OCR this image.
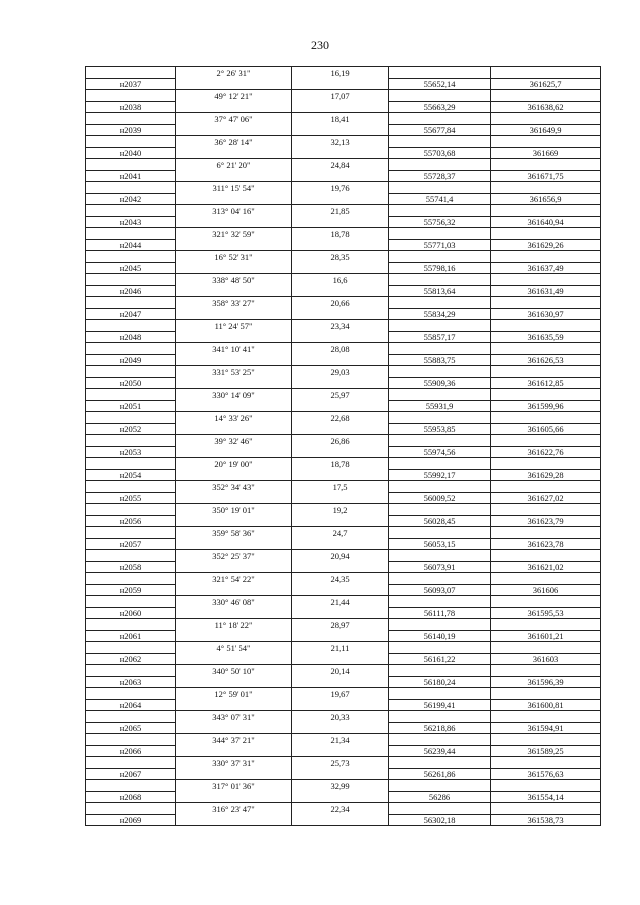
230
	2° 26' 31"	16,19		
н2037			55652,14	361625,7
	49° 12' 21"	17,07		
н2038			55663,29	361638,62
	37° 47' 06"	18,41		
н2039			55677,84	361649,9
	36° 28' 14"	32,13		
н2040			55703,68	361669
	6° 21' 20"	24,84		
н2041			55728,37	361671,75
	311° 15' 54"	19,76		
н2042			55741,4	361656,9
	313° 04' 16"	21,85		
н2043			55756,32	361640,94
	321° 32' 59"	18,78		
н2044			55771,03	361629,26
	16° 52' 31"	28,35		
н2045			55798,16	361637,49
	338° 48' 50"	16,6		
н2046			55813,64	361631,49
	358° 33' 27"	20,66		
н2047			55834,29	361630,97
	11° 24' 57"	23,34		
н2048			55857,17	361635,59
	341° 10' 41"	28,08		
н2049			55883,75	361626,53
	331° 53' 25"	29,03		
н2050			55909,36	361612,85
	330° 14' 09"	25,97		
н2051			55931,9	361599,96
	14° 33' 26"	22,68		
н2052			55953,85	361605,66
	39° 32' 46"	26,86		
н2053			55974,56	361622,76
	20° 19' 00"	18,78		
н2054			55992,17	361629,28
	352° 34' 43"	17,5		
н2055			56009,52	361627,02
	350° 19' 01"	19,2		
н2056			56028,45	361623,79
	359° 58' 36"	24,7		
н2057			56053,15	361623,78
	352° 25' 37"	20,94		
н2058			56073,91	361621,02
	321° 54' 22"	24,35		
н2059			56093,07	361606
	330° 46' 08"	21,44		
н2060			56111,78	361595,53
	11° 18' 22"	28,97		
н2061			56140,19	361601,21
	4° 51' 54"	21,11		
н2062			56161,22	361603
	340° 50' 10"	20,14		
н2063			56180,24	361596,39
	12° 59' 01"	19,67		
н2064			56199,41	361600,81
	343° 07' 31"	20,33		
н2065			56218,86	361594,91
	344° 37' 21"	21,34		
н2066			56239,44	361589,25
	330° 37' 31"	25,73		
н2067			56261,86	361576,63
	317° 01' 36"	32,99		
н2068			56286	361554,14
	316° 23' 47"	22,34		
н2069			56302,18	361538,73
